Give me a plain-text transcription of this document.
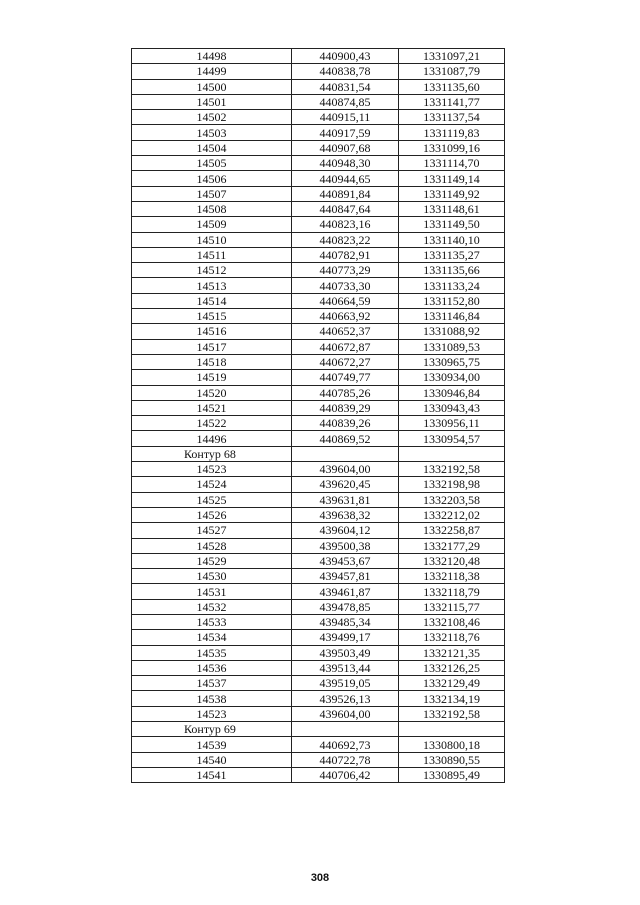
14498	440900,43	1331097,21
14499	440838,78	1331087,79
14500	440831,54	1331135,60
14501	440874,85	1331141,77
14502	440915,11	1331137,54
14503	440917,59	1331119,83
14504	440907,68	1331099,16
14505	440948,30	1331114,70
14506	440944,65	1331149,14
14507	440891,84	1331149,92
14508	440847,64	1331148,61
14509	440823,16	1331149,50
14510	440823,22	1331140,10
14511	440782,91	1331135,27
14512	440773,29	1331135,66
14513	440733,30	1331133,24
14514	440664,59	1331152,80
14515	440663,92	1331146,84
14516	440652,37	1331088,92
14517	440672,87	1331089,53
14518	440672,27	1330965,75
14519	440749,77	1330934,00
14520	440785,26	1330946,84
14521	440839,29	1330943,43
14522	440839,26	1330956,11
14496	440869,52	1330954,57
Контур 68		
14523	439604,00	1332192,58
14524	439620,45	1332198,98
14525	439631,81	1332203,58
14526	439638,32	1332212,02
14527	439604,12	1332258,87
14528	439500,38	1332177,29
14529	439453,67	1332120,48
14530	439457,81	1332118,38
14531	439461,87	1332118,79
14532	439478,85	1332115,77
14533	439485,34	1332108,46
14534	439499,17	1332118,76
14535	439503,49	1332121,35
14536	439513,44	1332126,25
14537	439519,05	1332129,49
14538	439526,13	1332134,19
14523	439604,00	1332192,58
Контур 69		
14539	440692,73	1330800,18
14540	440722,78	1330890,55
14541	440706,42	1330895,49
308
